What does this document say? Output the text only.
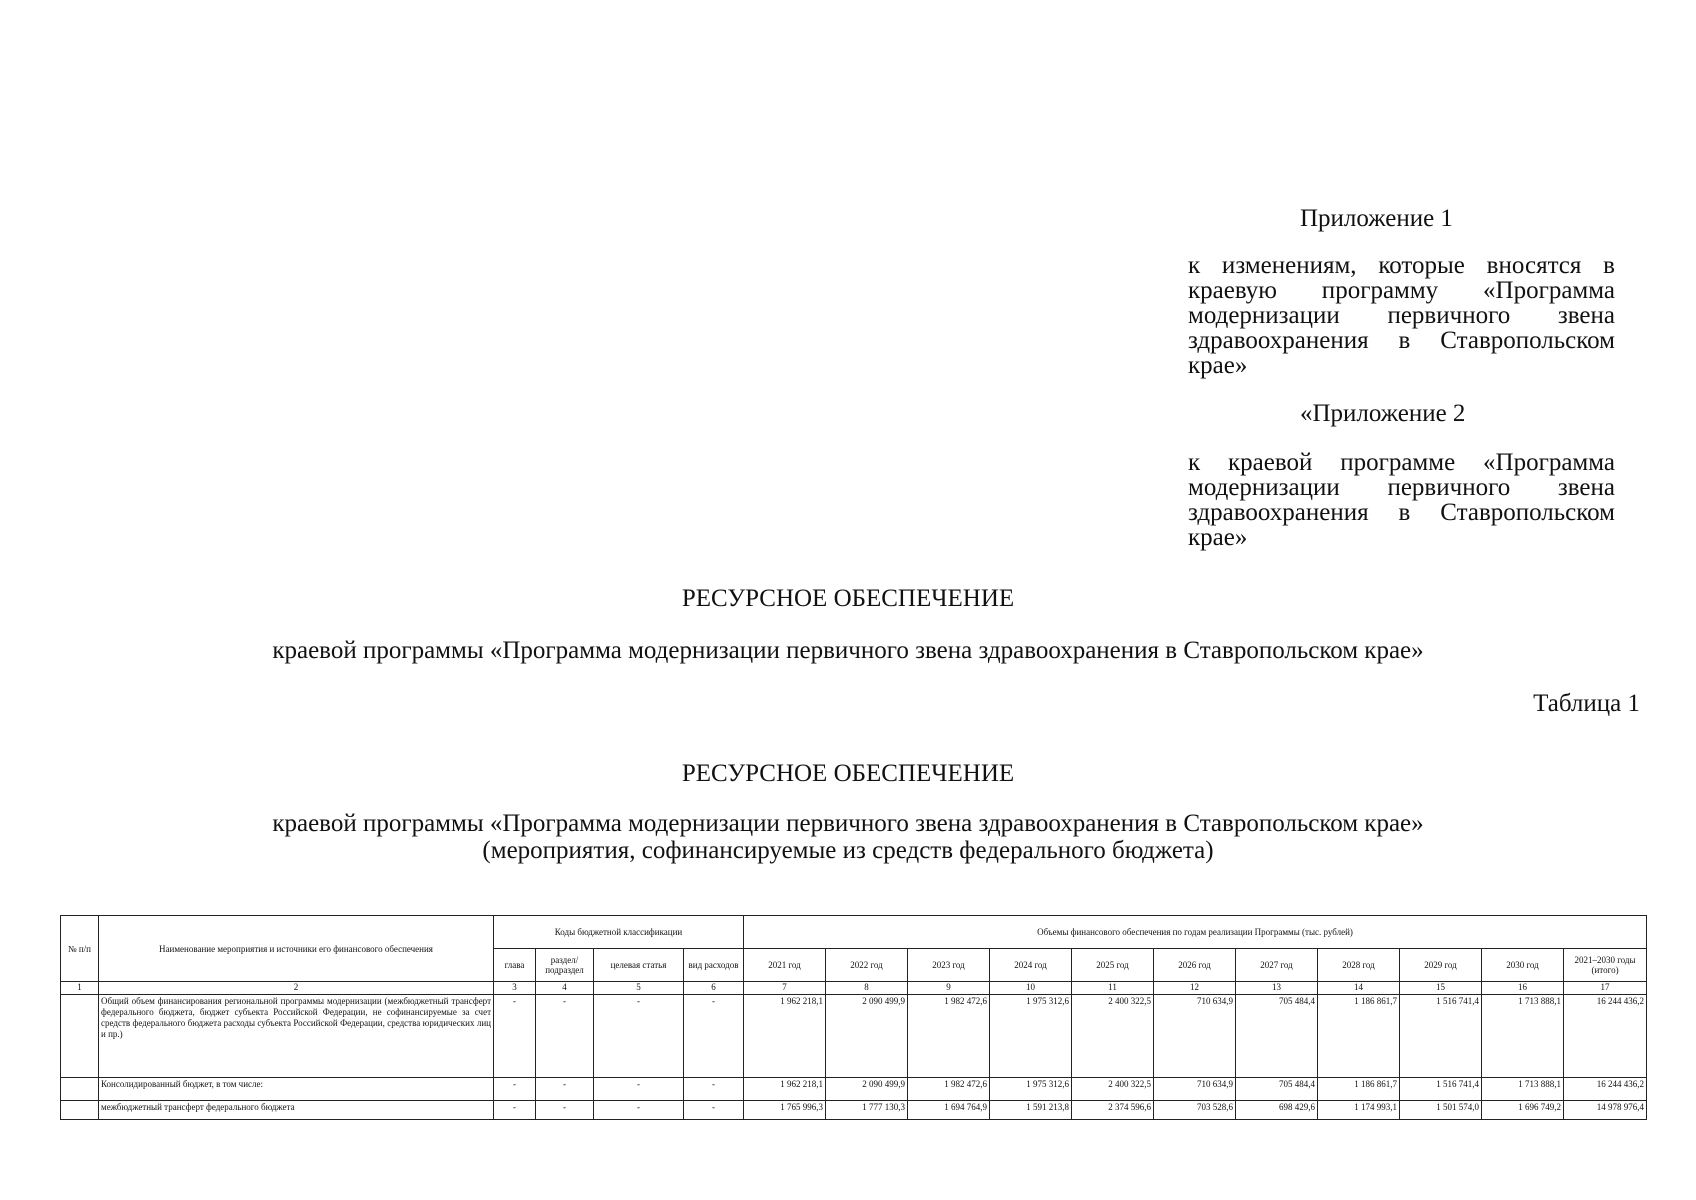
Приложение 1
к изменениям, которые вносятся в краевую программу «Программа модернизации первичного звена здравоохранения в Ставропольском крае»
«Приложение 2
к краевой программе «Программа модернизации первичного звена здравоохранения в Ставропольском крае»
РЕСУРСНОЕ ОБЕСПЕЧЕНИЕ
краевой программы «Программа модернизации первичного звена здравоохранения в Ставропольском крае»
Таблица 1
РЕСУРСНОЕ ОБЕСПЕЧЕНИЕ
краевой программы «Программа модернизации первичного звена здравоохранения в Ставропольском крае»
(мероприятия, софинансируемые из средств федерального бюджета)
№ п/п	Наименование мероприятия и источники его финансового обеспечения	Коды бюджетной классификации				Объемы финансового обеспечения по годам реализации Программы (тыс. рублей)										
		глава	раздел/ подраздел	целевая статья	вид расходов	2021 год	2022 год	2023 год	2024 год	2025 год	2026 год	2027 год	2028 год	2029 год	2030 год	2021–2030 годы (итого)
1	2	3	4	5	6	7	8	9	10	11	12	13	14	15	16	17
	Общий объем финансирования региональной программы модернизации (межбюджетный трансферт федерального бюджета, бюджет субъекта Российской Федерации, не софинансируемые за счет средств федерального бюджета расходы субъекта Российской Федерации, средства юридических лиц и пр.)	-	-	-	-	1 962 218,1	2 090 499,9	1 982 472,6	1 975 312,6	2 400 322,5	710 634,9	705 484,4	1 186 861,7	1 516 741,4	1 713 888,1	16 244 436,2
	Консолидированный бюджет, в том числе:	-	-	-	-	1 962 218,1	2 090 499,9	1 982 472,6	1 975 312,6	2 400 322,5	710 634,9	705 484,4	1 186 861,7	1 516 741,4	1 713 888,1	16 244 436,2
	межбюджетный трансферт федерального бюджета	-	-	-	-	1 765 996,3	1 777 130,3	1 694 764,9	1 591 213,8	2 374 596,6	703 528,6	698 429,6	1 174 993,1	1 501 574,0	1 696 749,2	14 978 976,4
